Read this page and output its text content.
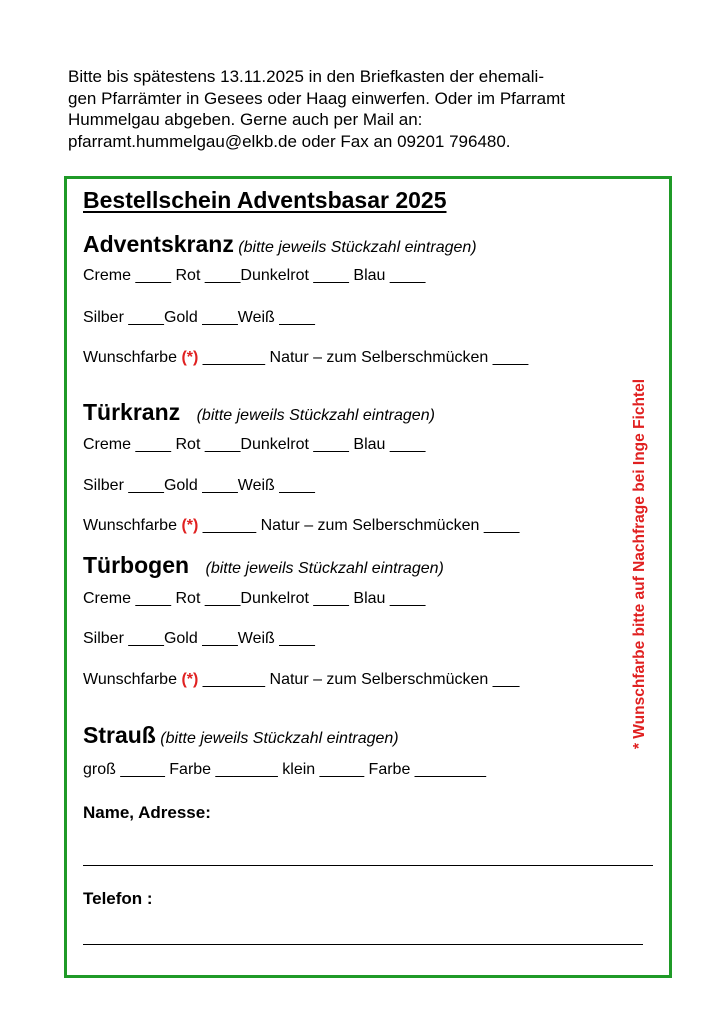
Bitte bis spätestens 13.11.2025 in den Briefkasten der ehemali-
gen Pfarrämter in Gesees oder Haag einwerfen. Oder im Pfarramt
Hummelgau abgeben. Gerne auch per Mail an:
pfarramt.hummelgau@elkb.de oder Fax an 09201 796480.
Bestellschein Adventsbasar 2025
Adventskranz (bitte jeweils Stückzahl eintragen)
Creme ____ Rot ____Dunkelrot ____ Blau ____
Silber ____Gold ____Weiß ____
Wunschfarbe (*) _______ Natur – zum Selberschmücken ____
Türkranz (bitte jeweils Stückzahl eintragen)
Creme ____ Rot ____Dunkelrot ____ Blau ____
Silber ____Gold ____Weiß ____
Wunschfarbe (*) ______ Natur – zum Selberschmücken ____
Türbogen (bitte jeweils Stückzahl eintragen)
Creme ____ Rot ____Dunkelrot ____ Blau ____
Silber ____Gold ____Weiß ____
Wunschfarbe (*) _______ Natur – zum Selberschmücken ___
Strauß (bitte jeweils Stückzahl eintragen)
groß _____ Farbe _______ klein _____ Farbe ________
Name, Adresse:
Telefon :
* Wunschfarbe bitte auf Nachfrage bei Inge Fichtel
